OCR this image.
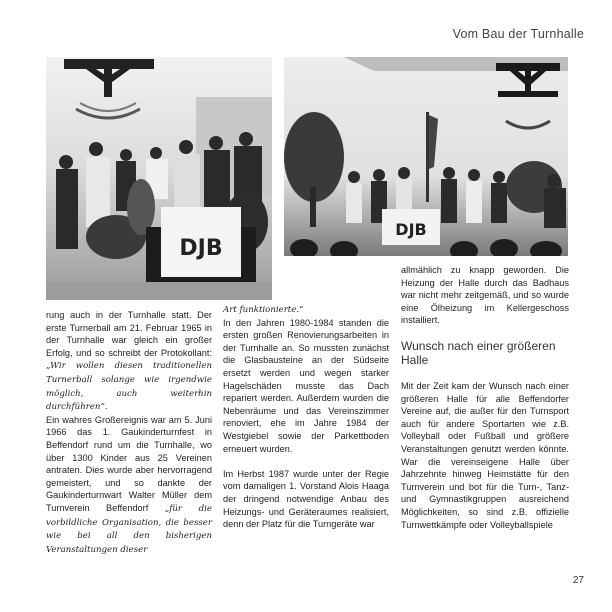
Vom Bau der Turnhalle
DJB
DJB

rung auch in der Turnhalle statt. Der erste Turnerball am 21. Februar 1965 in der Turnhalle war gleich ein großer Erfolg, und so schreibt der Protokollant: „Wir wollen diesen traditionellen Turnerball solange wie irgendwie möglich, auch weiterhin durchführen“.

Ein wahres Großereignis war am 5. Juni 1966 das 1. Gaukinderturnfest in Beffendorf rund um die Turnhalle, wo über 1300 Kinder aus 25 Vereinen antraten. Dies wurde aber hervorragend gemeistert, und so dankte der Gaukinderturnwart Walter Müller dem Turnverein Beffendorf „für die vorbildliche Organisation, die besser wie bei all den bisherigen Veranstaltungen dieser

Art funktionierte.“

In den Jahren 1980-1984 standen die ersten großen Renovierungsarbeiten in der Turnhalle an. So mussten zunächst die Glasbausteine an der Südseite ersetzt werden und wegen starker Hagelschäden musste das Dach repariert werden. Außerdem wurden die Nebenräume und das Vereinszimmer renoviert, ehe im Jahre 1984 der Westgiebel sowie der Parkettboden erneuert wurden.

Im Herbst 1987 wurde unter der Regie vom damaligen 1. Vorstand Alois Haaga der dringend notwendige Anbau des Heizungs- und Geräteraumes realisiert, denn der Platz für die Turngeräte war

allmählich zu knapp geworden. Die Heizung der Halle durch das Badhaus war nicht mehr zeitgemäß, und so wurde eine Ölheizung im Kellergeschoss installiert.

Wunsch nach einer größeren Halle

Mit der Zeit kam der Wunsch nach einer größeren Halle für alle Beffendorfer Vereine auf, die außer für den Turnsport auch für andere Sportarten wie z.B. Volleyball oder Fußball und größere Veranstaltungen genutzt werden könnte. War die vereinseigene Halle über Jahrzehnte hinweg Heimstätte für den Turnverein und bot für die Turn-, Tanz- und Gymnastikgruppen ausreichend Möglichkeiten, so sind z.B. offizielle Turnwettkämpfe oder Volleyballspiele

27
